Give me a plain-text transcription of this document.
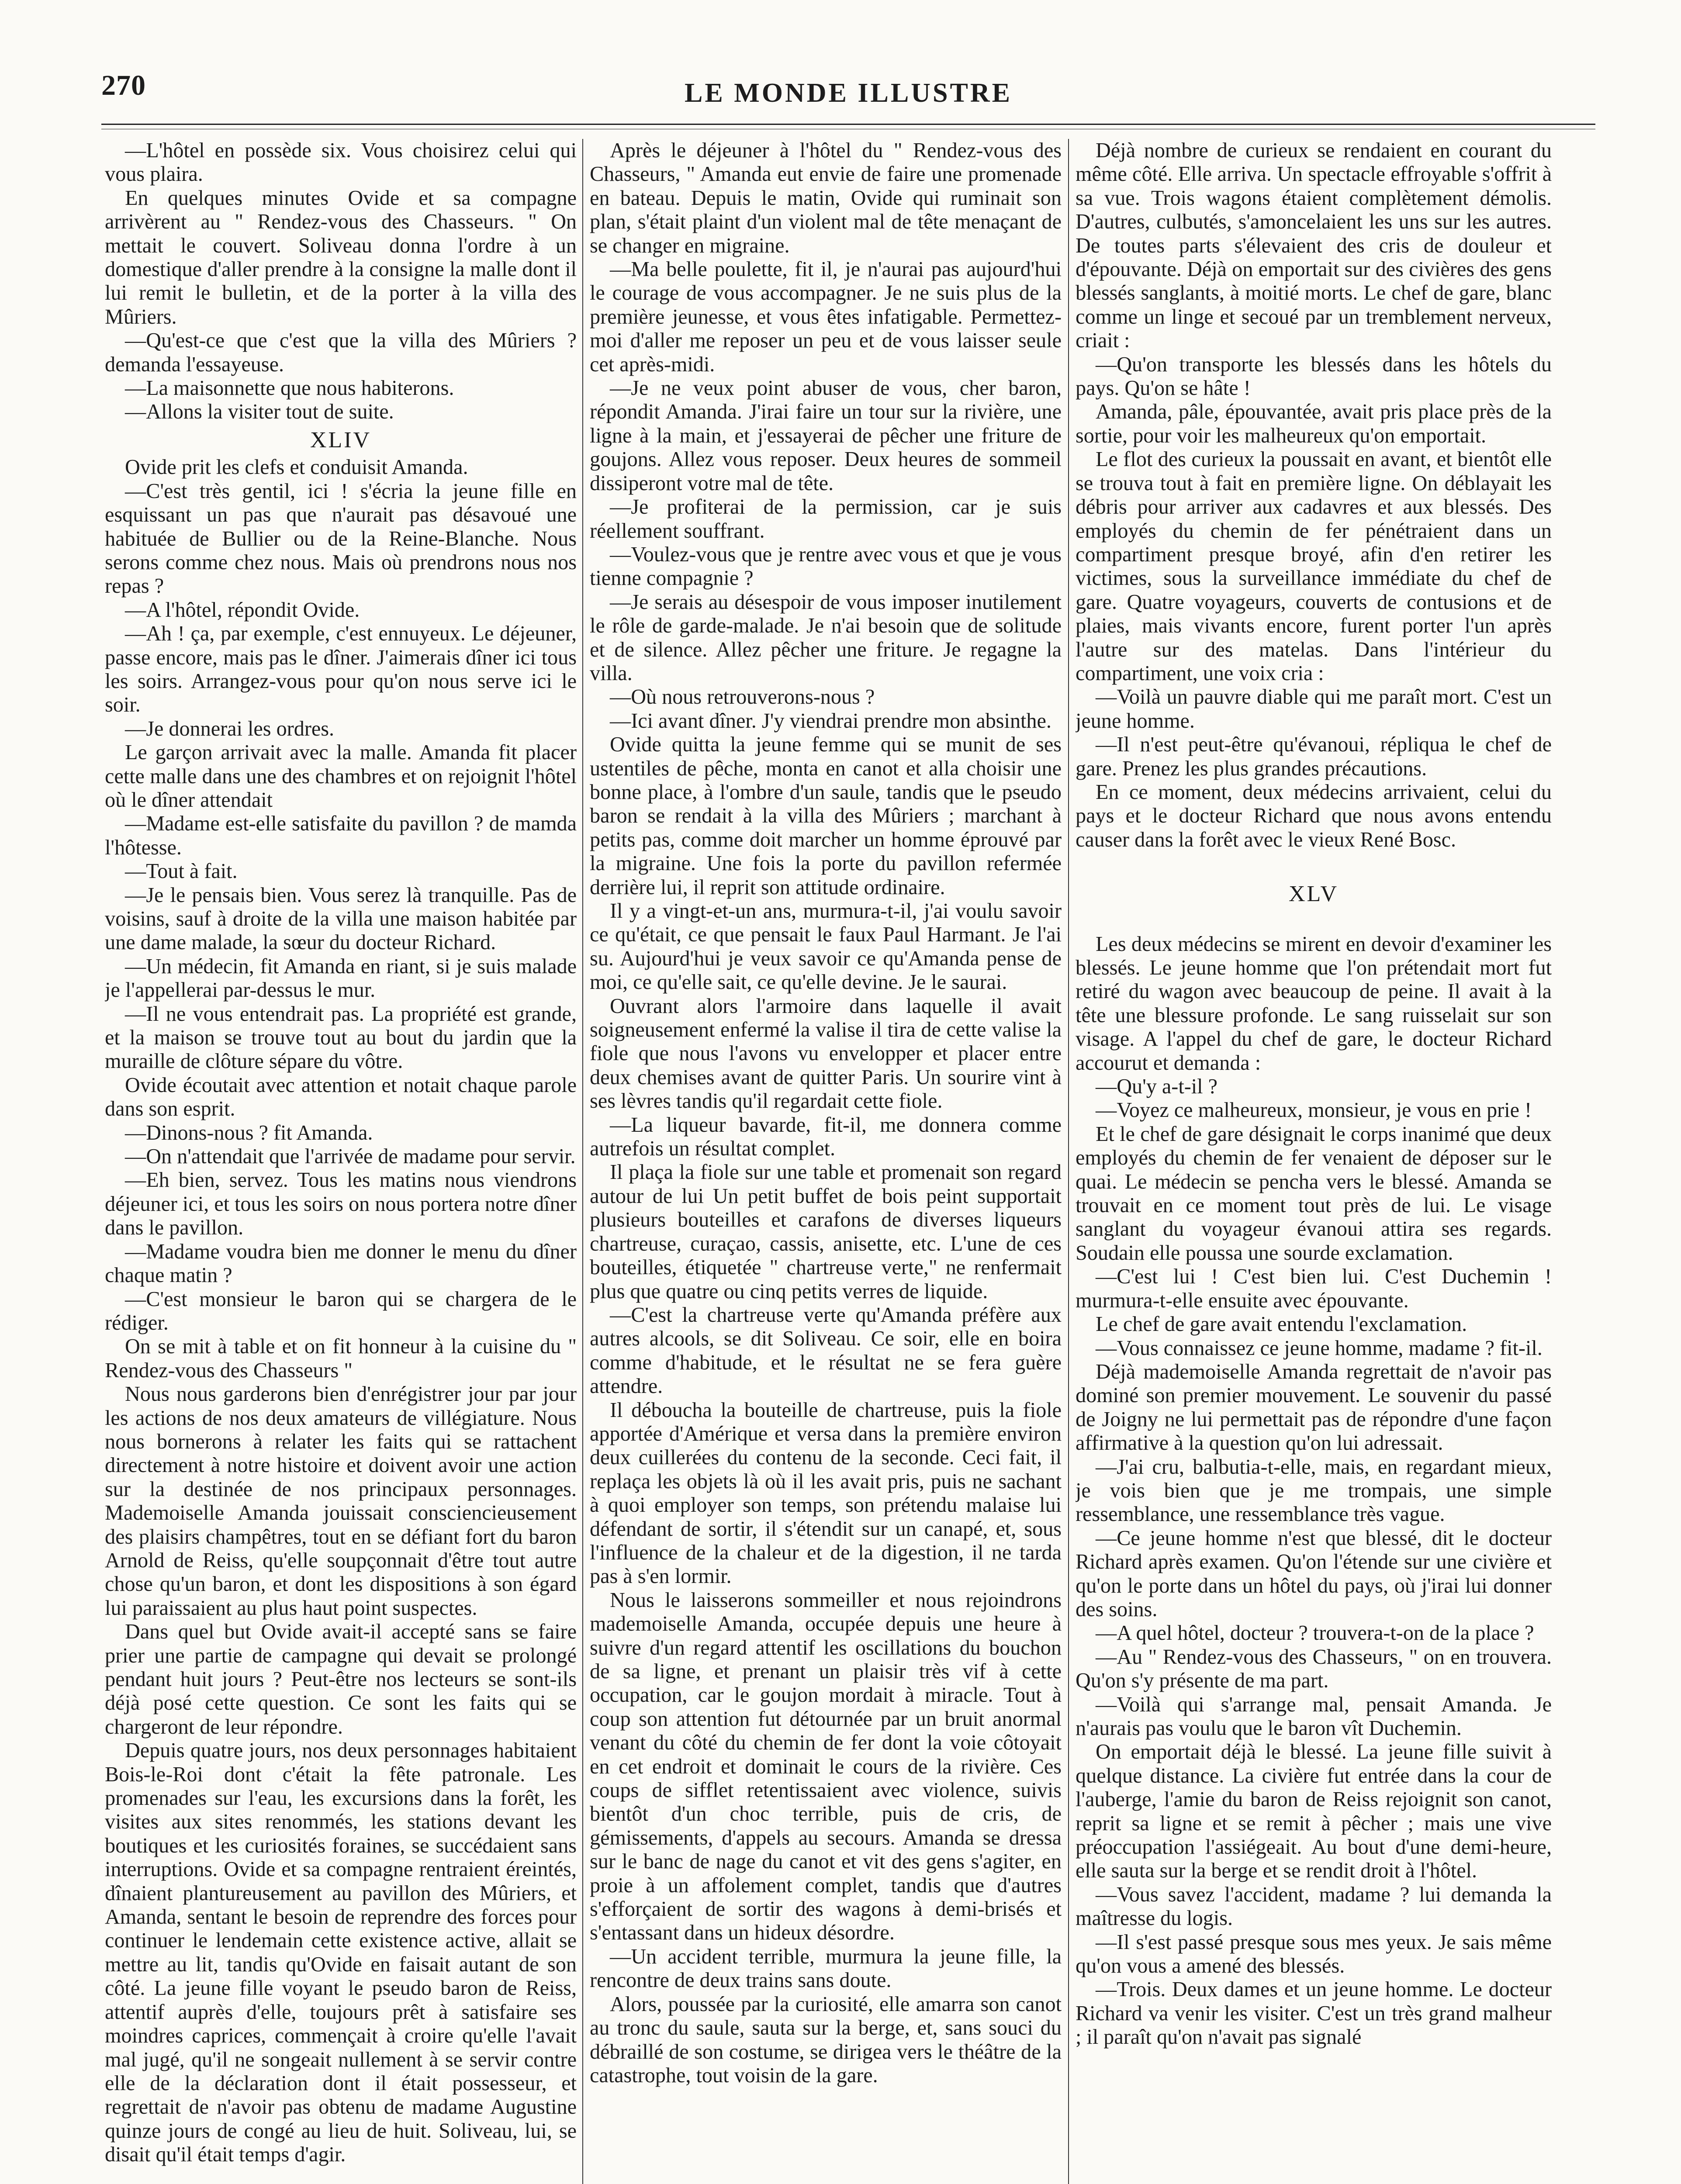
270	LE MONDE ILLUSTRE

—L'hôtel en possède six. Vous choisirez celui qui vous plaira.

En quelques minutes Ovide et sa compagne arrivèrent au " Rendez-vous des Chasseurs. " On mettait le couvert. Soliveau donna l'ordre à un domestique d'aller prendre à la consigne la malle dont il lui remit le bulletin, et de la porter à la villa des Mûriers.

—Qu'est-ce que c'est que la villa des Mûriers ? demanda l'essayeuse.

—La maisonnette que nous habiterons.

—Allons la visiter tout de suite.

XLIV

Ovide prit les clefs et conduisit Amanda.

—C'est très gentil, ici ! s'écria la jeune fille en esquissant un pas que n'aurait pas désavoué une habituée de Bullier ou de la Reine-Blanche. Nous serons comme chez nous. Mais où prendrons nous nos repas ?

—A l'hôtel, répondit Ovide.

—Ah ! ça, par exemple, c'est ennuyeux. Le déjeuner, passe encore, mais pas le dîner. J'aimerais dîner ici tous les soirs. Arrangez-vous pour qu'on nous serve ici le soir.

—Je donnerai les ordres.

Le garçon arrivait avec la malle. Amanda fit placer cette malle dans une des chambres et on rejoignit l'hôtel où le dîner attendait

—Madame est-elle satisfaite du pavillon ? de mamda l'hôtesse.

—Tout à fait.

—Je le pensais bien. Vous serez là tranquille. Pas de voisins, sauf à droite de la villa une maison habitée par une dame malade, la sœur du docteur Richard.

—Un médecin, fit Amanda en riant, si je suis malade je l'appellerai par-dessus le mur.

—Il ne vous entendrait pas. La propriété est grande, et la maison se trouve tout au bout du jardin que la muraille de clôture sépare du vôtre.

Ovide écoutait avec attention et notait chaque parole dans son esprit.

—Dinons-nous ? fit Amanda.

—On n'attendait que l'arrivée de madame pour servir.

—Eh bien, servez. Tous les matins nous viendrons déjeuner ici, et tous les soirs on nous portera notre dîner dans le pavillon.

—Madame voudra bien me donner le menu du dîner chaque matin ?

—C'est monsieur le baron qui se chargera de le rédiger.

On se mit à table et on fit honneur à la cuisine du " Rendez-vous des Chasseurs "

Nous nous garderons bien d'enrégistrer jour par jour les actions de nos deux amateurs de villégiature. Nous nous bornerons à relater les faits qui se rattachent directement à notre histoire et doivent avoir une action sur la destinée de nos principaux personnages. Mademoiselle Amanda jouissait consciencieusement des plaisirs champêtres, tout en se défiant fort du baron Arnold de Reiss, qu'elle soupçonnait d'être tout autre chose qu'un baron, et dont les dispositions à son égard lui paraissaient au plus haut point suspectes.

Dans quel but Ovide avait-il accepté sans se faire prier une partie de campagne qui devait se prolongé pendant huit jours ? Peut-être nos lecteurs se sont-ils déjà posé cette question. Ce sont les faits qui se chargeront de leur répondre.

Depuis quatre jours, nos deux personnages habitaient Bois-le-Roi dont c'était la fête patronale. Les promenades sur l'eau, les excursions dans la forêt, les visites aux sites renommés, les stations devant les boutiques et les curiosités foraines, se succédaient sans interruptions. Ovide et sa compagne rentraient éreintés, dînaient plantureusement au pavillon des Mûriers, et Amanda, sentant le besoin de reprendre des forces pour continuer le lendemain cette existence active, allait se mettre au lit, tandis qu'Ovide en faisait autant de son côté. La jeune fille voyant le pseudo baron de Reiss, attentif auprès d'elle, toujours prêt à satisfaire ses moindres caprices, commençait à croire qu'elle l'avait mal jugé, qu'il ne songeait nullement à se servir contre elle de la déclaration dont il était possesseur, et regrettait de n'avoir pas obtenu de madame Augustine quinze jours de congé au lieu de huit. Soliveau, lui, se disait qu'il était temps d'agir.

Après le déjeuner à l'hôtel du " Rendez-vous des Chasseurs, " Amanda eut envie de faire une promenade en bateau. Depuis le matin, Ovide qui ruminait son plan, s'était plaint d'un violent mal de tête menaçant de se changer en migraine.

—Ma belle poulette, fit il, je n'aurai pas aujourd'hui le courage de vous accompagner. Je ne suis plus de la première jeunesse, et vous êtes infatigable. Permettez-moi d'aller me reposer un peu et de vous laisser seule cet après-midi.

—Je ne veux point abuser de vous, cher baron, répondit Amanda. J'irai faire un tour sur la rivière, une ligne à la main, et j'essayerai de pêcher une friture de goujons. Allez vous reposer. Deux heures de sommeil dissiperont votre mal de tête.

—Je profiterai de la permission, car je suis réellement souffrant.

—Voulez-vous que je rentre avec vous et que je vous tienne compagnie ?

—Je serais au désespoir de vous imposer inutilement le rôle de garde-malade. Je n'ai besoin que de solitude et de silence. Allez pêcher une friture. Je regagne la villa.

—Où nous retrouverons-nous ?

—Ici avant dîner. J'y viendrai prendre mon absinthe.

Ovide quitta la jeune femme qui se munit de ses ustentiles de pêche, monta en canot et alla choisir une bonne place, à l'ombre d'un saule, tandis que le pseudo baron se rendait à la villa des Mûriers ; marchant à petits pas, comme doit marcher un homme éprouvé par la migraine. Une fois la porte du pavillon refermée derrière lui, il reprit son attitude ordinaire.

Il y a vingt-et-un ans, murmura-t-il, j'ai voulu savoir ce qu'était, ce que pensait le faux Paul Harmant. Je l'ai su. Aujourd'hui je veux savoir ce qu'Amanda pense de moi, ce qu'elle sait, ce qu'elle devine. Je le saurai.

Ouvrant alors l'armoire dans laquelle il avait soigneusement enfermé la valise il tira de cette valise la fiole que nous l'avons vu envelopper et placer entre deux chemises avant de quitter Paris. Un sourire vint à ses lèvres tandis qu'il regardait cette fiole.

—La liqueur bavarde, fit-il, me donnera comme autrefois un résultat complet.

Il plaça la fiole sur une table et promenait son regard autour de lui Un petit buffet de bois peint supportait plusieurs bouteilles et carafons de diverses liqueurs chartreuse, curaçao, cassis, anisette, etc. L'une de ces bouteilles, étiquetée " chartreuse verte," ne renfermait plus que quatre ou cinq petits verres de liquide.

—C'est la chartreuse verte qu'Amanda préfère aux autres alcools, se dit Soliveau. Ce soir, elle en boira comme d'habitude, et le résultat ne se fera guère attendre.

Il déboucha la bouteille de chartreuse, puis la fiole apportée d'Amérique et versa dans la première environ deux cuillerées du contenu de la seconde. Ceci fait, il replaça les objets là où il les avait pris, puis ne sachant à quoi employer son temps, son prétendu malaise lui défendant de sortir, il s'étendit sur un canapé, et, sous l'influence de la chaleur et de la digestion, il ne tarda pas à s'en lormir.

Nous le laisserons sommeiller et nous rejoindrons mademoiselle Amanda, occupée depuis une heure à suivre d'un regard attentif les oscillations du bouchon de sa ligne, et prenant un plaisir très vif à cette occupation, car le goujon mordait à miracle. Tout à coup son attention fut détournée par un bruit anormal venant du côté du chemin de fer dont la voie côtoyait en cet endroit et dominait le cours de la rivière. Ces coups de sifflet retentissaient avec violence, suivis bientôt d'un choc terrible, puis de cris, de gémissements, d'appels au secours. Amanda se dressa sur le banc de nage du canot et vit des gens s'agiter, en proie à un affolement complet, tandis que d'autres s'efforçaient de sortir des wagons à demi-brisés et s'entassant dans un hideux désordre.

—Un accident terrible, murmura la jeune fille, la rencontre de deux trains sans doute.

Alors, poussée par la curiosité, elle amarra son canot au tronc du saule, sauta sur la berge, et, sans souci du débraillé de son costume, se dirigea vers le théâtre de la catastrophe, tout voisin de la gare.

Déjà nombre de curieux se rendaient en courant du même côté. Elle arriva. Un spectacle effroyable s'offrit à sa vue. Trois wagons étaient complètement démolis. D'autres, culbutés, s'amoncelaient les uns sur les autres. De toutes parts s'élevaient des cris de douleur et d'épouvante. Déjà on emportait sur des civières des gens blessés sanglants, à moitié morts. Le chef de gare, blanc comme un linge et secoué par un tremblement nerveux, criait :

—Qu'on transporte les blessés dans les hôtels du pays. Qu'on se hâte !

Amanda, pâle, épouvantée, avait pris place près de la sortie, pour voir les malheureux qu'on emportait.

Le flot des curieux la poussait en avant, et bientôt elle se trouva tout à fait en première ligne. On déblayait les débris pour arriver aux cadavres et aux blessés. Des employés du chemin de fer pénétraient dans un compartiment presque broyé, afin d'en retirer les victimes, sous la surveillance immédiate du chef de gare. Quatre voyageurs, couverts de contusions et de plaies, mais vivants encore, furent porter l'un après l'autre sur des matelas. Dans l'intérieur du compartiment, une voix cria :

—Voilà un pauvre diable qui me paraît mort. C'est un jeune homme.

—Il n'est peut-être qu'évanoui, répliqua le chef de gare. Prenez les plus grandes précautions.

En ce moment, deux médecins arrivaient, celui du pays et le docteur Richard que nous avons entendu causer dans la forêt avec le vieux René Bosc.

XLV

Les deux médecins se mirent en devoir d'examiner les blessés. Le jeune homme que l'on prétendait mort fut retiré du wagon avec beaucoup de peine. Il avait à la tête une blessure profonde. Le sang ruisselait sur son visage. A l'appel du chef de gare, le docteur Richard accourut et demanda :

—Qu'y a-t-il ?

—Voyez ce malheureux, monsieur, je vous en prie !

Et le chef de gare désignait le corps inanimé que deux employés du chemin de fer venaient de déposer sur le quai. Le médecin se pencha vers le blessé. Amanda se trouvait en ce moment tout près de lui. Le visage sanglant du voyageur évanoui attira ses regards. Soudain elle poussa une sourde exclamation.

—C'est lui ! C'est bien lui. C'est Duchemin ! murmura-t-elle ensuite avec épouvante.

Le chef de gare avait entendu l'exclamation.

—Vous connaissez ce jeune homme, madame ? fit-il.

Déjà mademoiselle Amanda regrettait de n'avoir pas dominé son premier mouvement. Le souvenir du passé de Joigny ne lui permettait pas de répondre d'une façon affirmative à la question qu'on lui adressait.

—J'ai cru, balbutia-t-elle, mais, en regardant mieux, je vois bien que je me trompais, une simple ressemblance, une ressemblance très vague.

—Ce jeune homme n'est que blessé, dit le docteur Richard après examen. Qu'on l'étende sur une civière et qu'on le porte dans un hôtel du pays, où j'irai lui donner des soins.

—A quel hôtel, docteur ? trouvera-t-on de la place ?

—Au " Rendez-vous des Chasseurs, " on en trouvera. Qu'on s'y présente de ma part.

—Voilà qui s'arrange mal, pensait Amanda. Je n'aurais pas voulu que le baron vît Duchemin.

On emportait déjà le blessé. La jeune fille suivit à quelque distance. La civière fut entrée dans la cour de l'auberge, l'amie du baron de Reiss rejoignit son canot, reprit sa ligne et se remit à pêcher ; mais une vive préoccupation l'assiégeait. Au bout d'une demi-heure, elle sauta sur la berge et se rendit droit à l'hôtel.

—Vous savez l'accident, madame ? lui demanda la maîtresse du logis.

—Il s'est passé presque sous mes yeux. Je sais même qu'on vous a amené des blessés.

—Trois. Deux dames et un jeune homme. Le docteur Richard va venir les visiter. C'est un très grand malheur ; il paraît qu'on n'avait pas signalé
